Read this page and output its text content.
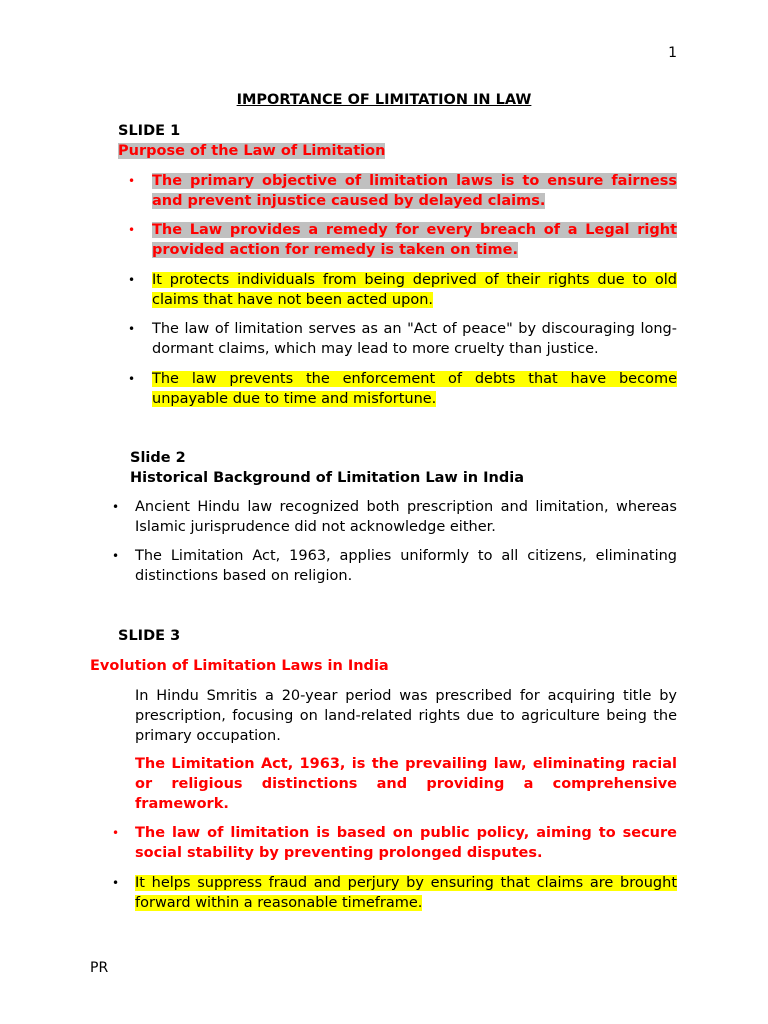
1
IMPORTANCE OF LIMITATION IN LAW
SLIDE 1
Purpose of the Law of Limitation
• The primary objective of limitation laws is to ensure fairness and prevent injustice caused by delayed claims.
• The Law provides a remedy for every breach of a Legal right provided action for remedy is taken on time.
• It protects individuals from being deprived of their rights due to old claims that have not been acted upon.
• The law of limitation serves as an "Act of peace" by discouraging long-dormant claims, which may lead to more cruelty than justice.
• The law prevents the enforcement of debts that have become unpayable due to time and misfortune.
Slide 2
Historical Background of Limitation Law in India
• Ancient Hindu law recognized both prescription and limitation, whereas Islamic jurisprudence did not acknowledge either.
• The Limitation Act, 1963, applies uniformly to all citizens, eliminating distinctions based on religion.
SLIDE 3
Evolution of Limitation Laws in India
In Hindu Smritis a 20-year period was prescribed for acquiring title by prescription, focusing on land-related rights due to agriculture being the primary occupation.
The Limitation Act, 1963, is the prevailing law, eliminating racial or religious distinctions and providing a comprehensive framework.
• The law of limitation is based on public policy, aiming to secure social stability by preventing prolonged disputes.
• It helps suppress fraud and perjury by ensuring that claims are brought forward within a reasonable timeframe.
PR
